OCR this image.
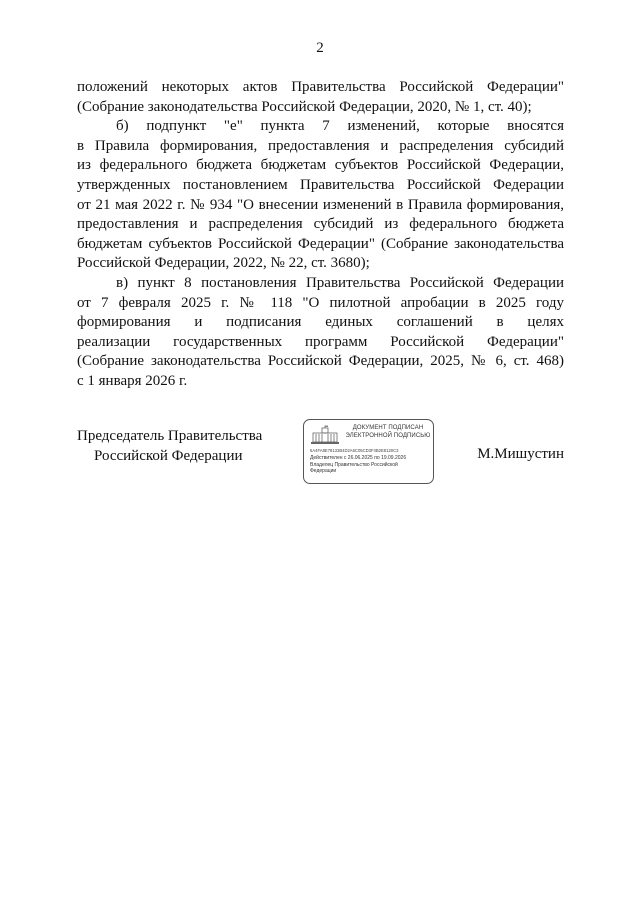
2
положений некоторых актов Правительства Российской Федерации"
(Собрание законодательства Российской Федерации, 2020, № 1, ст. 40);
б) подпункт "е" пункта 7 изменений, которые вносятся
в Правила формирования, предоставления и распределения субсидий
из федерального бюджета бюджетам субъектов Российской Федерации,
утвержденных постановлением Правительства Российской Федерации
от 21 мая 2022 г. № 934 "О внесении изменений в Правила формирования,
предоставления и распределения субсидий из федерального бюджета
бюджетам субъектов Российской Федерации" (Собрание законодательства
Российской Федерации, 2022, № 22, ст. 3680);
в) пункт 8 постановления Правительства Российской Федерации
от 7 февраля 2025 г. № 118 "О пилотной апробации в 2025 году
формирования и подписания единых соглашений в целях
реализации государственных программ Российской Федерации"
(Собрание законодательства Российской Федерации, 2025, № 6, ст. 468)
с 1 января 2026 г.
Председатель Правительства
Российской Федерации
ДОКУМЕНТ ПОДПИСАН
ЭЛЕКТРОННОЙ ПОДПИСЬЮ
5A4FA8E78133B4D2A6C05CD3F4B2E8120C3
Действителен с 26.06.2025 по 19.09.2026
Владелец Правительство Российской
Федерации
М.Мишустин
